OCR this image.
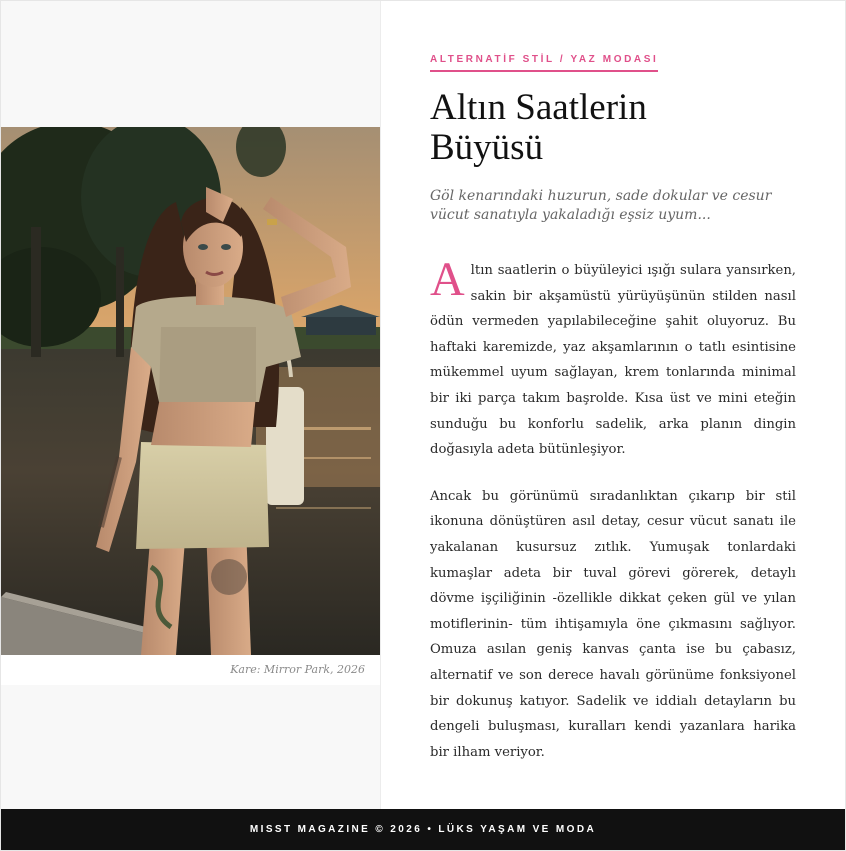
Kare: Mirror Park, 2026
ALTERNATİF STİL / YAZ MODASI
Altın Saatlerin
Büyüsü
Göl kenarındaki huzurun, sade dokular ve cesur vücut sanatıyla yakaladığı eşsiz uyum...

Altın saatlerin o büyüleyici ışığı sulara yansırken, sakin bir akşamüstü yürüyüşünün stilden nasıl ödün vermeden yapılabileceğine şahit oluyoruz. Bu haftaki karemizde, yaz akşamlarının o tatlı esintisine mükemmel uyum sağlayan, krem tonlarında minimal bir iki parça takım başrolde. Kısa üst ve mini eteğin sunduğu bu konforlu sadelik, arka planın dingin doğasıyla adeta bütünleşiyor.

Ancak bu görünümü sıradanlıktan çıkarıp bir stil ikonuna dönüştüren asıl detay, cesur vücut sanatı ile yakalanan kusursuz zıtlık. Yumuşak tonlardaki kumaşlar adeta bir tuval görevi görerek, detaylı dövme işçiliğinin -özellikle dikkat çeken gül ve yılan motiflerinin- tüm ihtişamıyla öne çıkmasını sağlıyor. Omuza asılan geniş kanvas çanta ise bu çabasız, alternatif ve son derece havalı görünüme fonksiyonel bir dokunuş katıyor. Sadelik ve iddialı detayların bu dengeli buluşması, kuralları kendi yazanlara harika bir ilham veriyor.

MISST MAGAZINE © 2026 • LÜKS YAŞAM VE MODA
